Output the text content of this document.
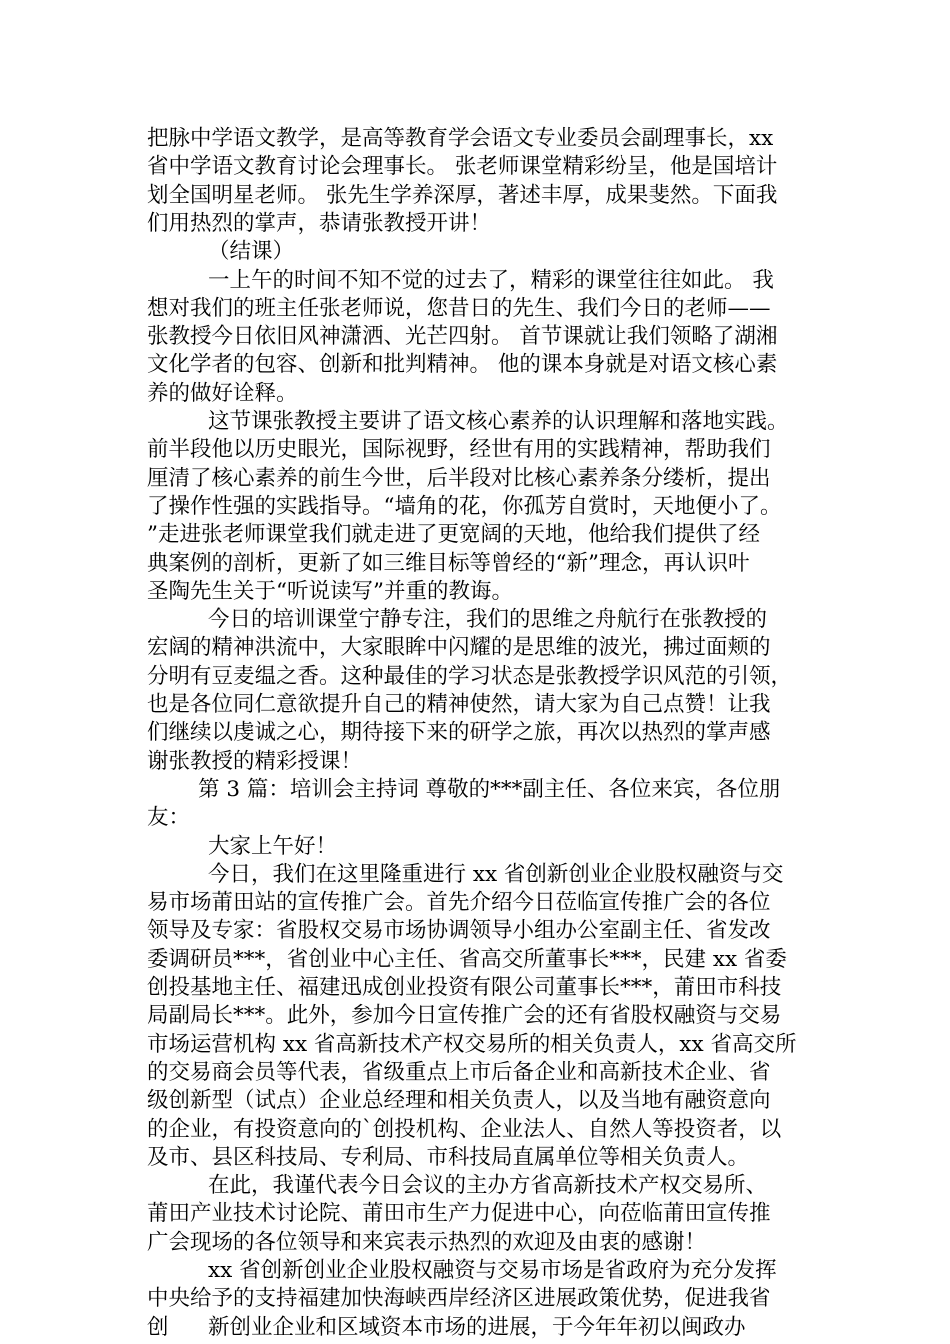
把脉中学语文教学，是高等教育学会语文专业委员会副理事长，xx
省中学语文教育讨论会理事长。 张老师课堂精彩纷呈，他是国培计
划全国明星老师。 张先生学养深厚，著述丰厚，成果斐然。下面我
们用热烈的掌声，恭请张教授开讲！
（结课）
一上午的时间不知不觉的过去了，精彩的课堂往往如此。 我
想对我们的班主任张老师说，您昔日的先生、我们今日的老师——
张教授今日依旧风神潇洒、光芒四射。 首节课就让我们领略了湖湘
文化学者的包容、创新和批判精神。 他的课本身就是对语文核心素
养的做好诠释。
这节课张教授主要讲了语文核心素养的认识理解和落地实践。
前半段他以历史眼光，国际视野，经世有用的实践精神，帮助我们
厘清了核心素养的前生今世，后半段对比核心素养条分缕析，提出
了操作性强的实践指导。“墙角的花，你孤芳自赏时，天地便小了。
”走进张老师课堂我们就走进了更宽阔的天地，他给我们提供了经
典案例的剖析，更新了如三维目标等曾经的“新”理念，再认识叶
圣陶先生关于“听说读写”并重的教诲。
今日的培训课堂宁静专注，我们的思维之舟航行在张教授的
宏阔的精神洪流中，大家眼眸中闪耀的是思维的波光，拂过面颊的
分明有豆麦缊之香。这种最佳的学习状态是张教授学识风范的引领，
也是各位同仁意欲提升自己的精神使然，请大家为自己点赞！让我
们继续以虔诚之心，期待接下来的研学之旅，再次以热烈的掌声感
谢张教授的精彩授课！
第 3 篇：培训会主持词 尊敬的***副主任、各位来宾，各位朋
友：
大家上午好！
今日，我们在这里隆重进行 xx 省创新创业企业股权融资与交
易市场莆田站的宣传推广会。首先介绍今日莅临宣传推广会的各位
领导及专家：省股权交易市场协调领导小组办公室副主任、省发改
委调研员***，省创业中心主任、省高交所董事长***，民建 xx 省委
创投基地主任、福建迅成创业投资有限公司董事长***，莆田市科技
局副局长***。此外，参加今日宣传推广会的还有省股权融资与交易
市场运营机构 xx 省高新技术产权交易所的相关负责人，xx 省高交所
的交易商会员等代表，省级重点上市后备企业和高新技术企业、省
级创新型（试点）企业总经理和相关负责人，以及当地有融资意向
的企业，有投资意向的`创投机构、企业法人、自然人等投资者，以
及市、县区科技局、专利局、市科技局直属单位等相关负责人。
在此，我谨代表今日会议的主办方省高新技术产权交易所、
莆田产业技术讨论院、莆田市生产力促进中心，向莅临莆田宣传推
广会现场的各位领导和来宾表示热烈的欢迎及由衷的感谢！
xx 省创新创业企业股权融资与交易市场是省政府为充分发挥
中央给予的支持福建加快海峡西岸经济区进展政策优势，促进我省
创	新创业企业和区域资本市场的进展，于今年年初以闽政办
